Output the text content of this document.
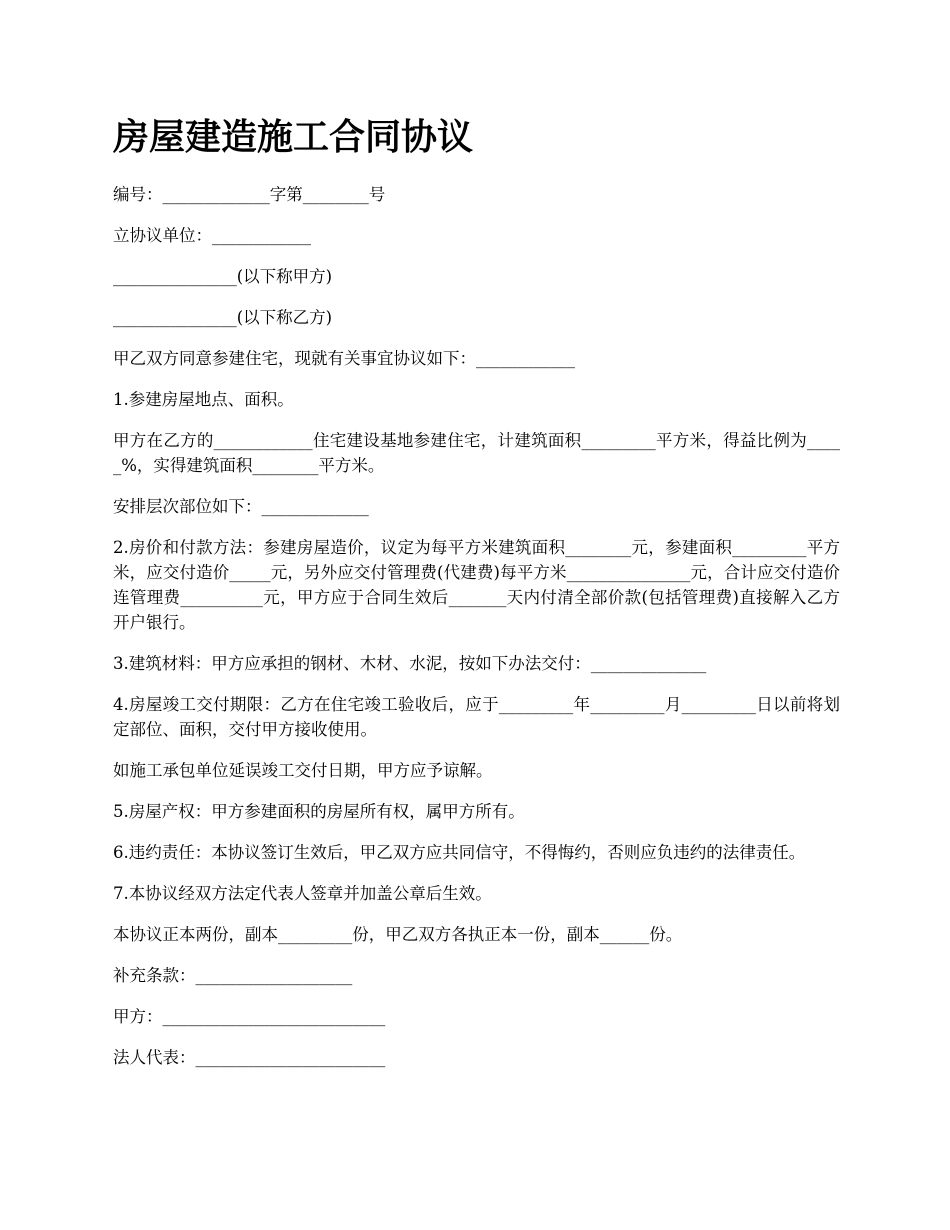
房屋建造施工合同协议

编号：_____________字第________号

立协议单位：____________

_______________(以下称甲方)

_______________(以下称乙方)

甲乙双方同意参建住宅，现就有关事宜协议如下：____________

1.参建房屋地点、面积。

甲方在乙方的____________住宅建设基地参建住宅，计建筑面积_________平方米，得益比例为_____%，实得建筑面积________平方米。

安排层次部位如下：_____________

2.房价和付款方法：参建房屋造价，议定为每平方米建筑面积________元，参建面积_________平方米，应交付造价_____元，另外应交付管理费(代建费)每平方米_______________元，合计应交付造价连管理费__________元，甲方应于合同生效后_______天内付清全部价款(包括管理费)直接解入乙方开户银行。

3.建筑材料：甲方应承担的钢材、木材、水泥，按如下办法交付：______________

4.房屋竣工交付期限：乙方在住宅竣工验收后，应于_________年_________月_________日以前将划定部位、面积，交付甲方接收使用。

如施工承包单位延误竣工交付日期，甲方应予谅解。

5.房屋产权：甲方参建面积的房屋所有权，属甲方所有。

6.违约责任：本协议签订生效后，甲乙双方应共同信守，不得悔约，否则应负违约的法律责任。

7.本协议经双方法定代表人签章并加盖公章后生效。

本协议正本两份，副本_________份，甲乙双方各执正本一份，副本______份。

补充条款：___________________

甲方：___________________________

法人代表：_______________________
